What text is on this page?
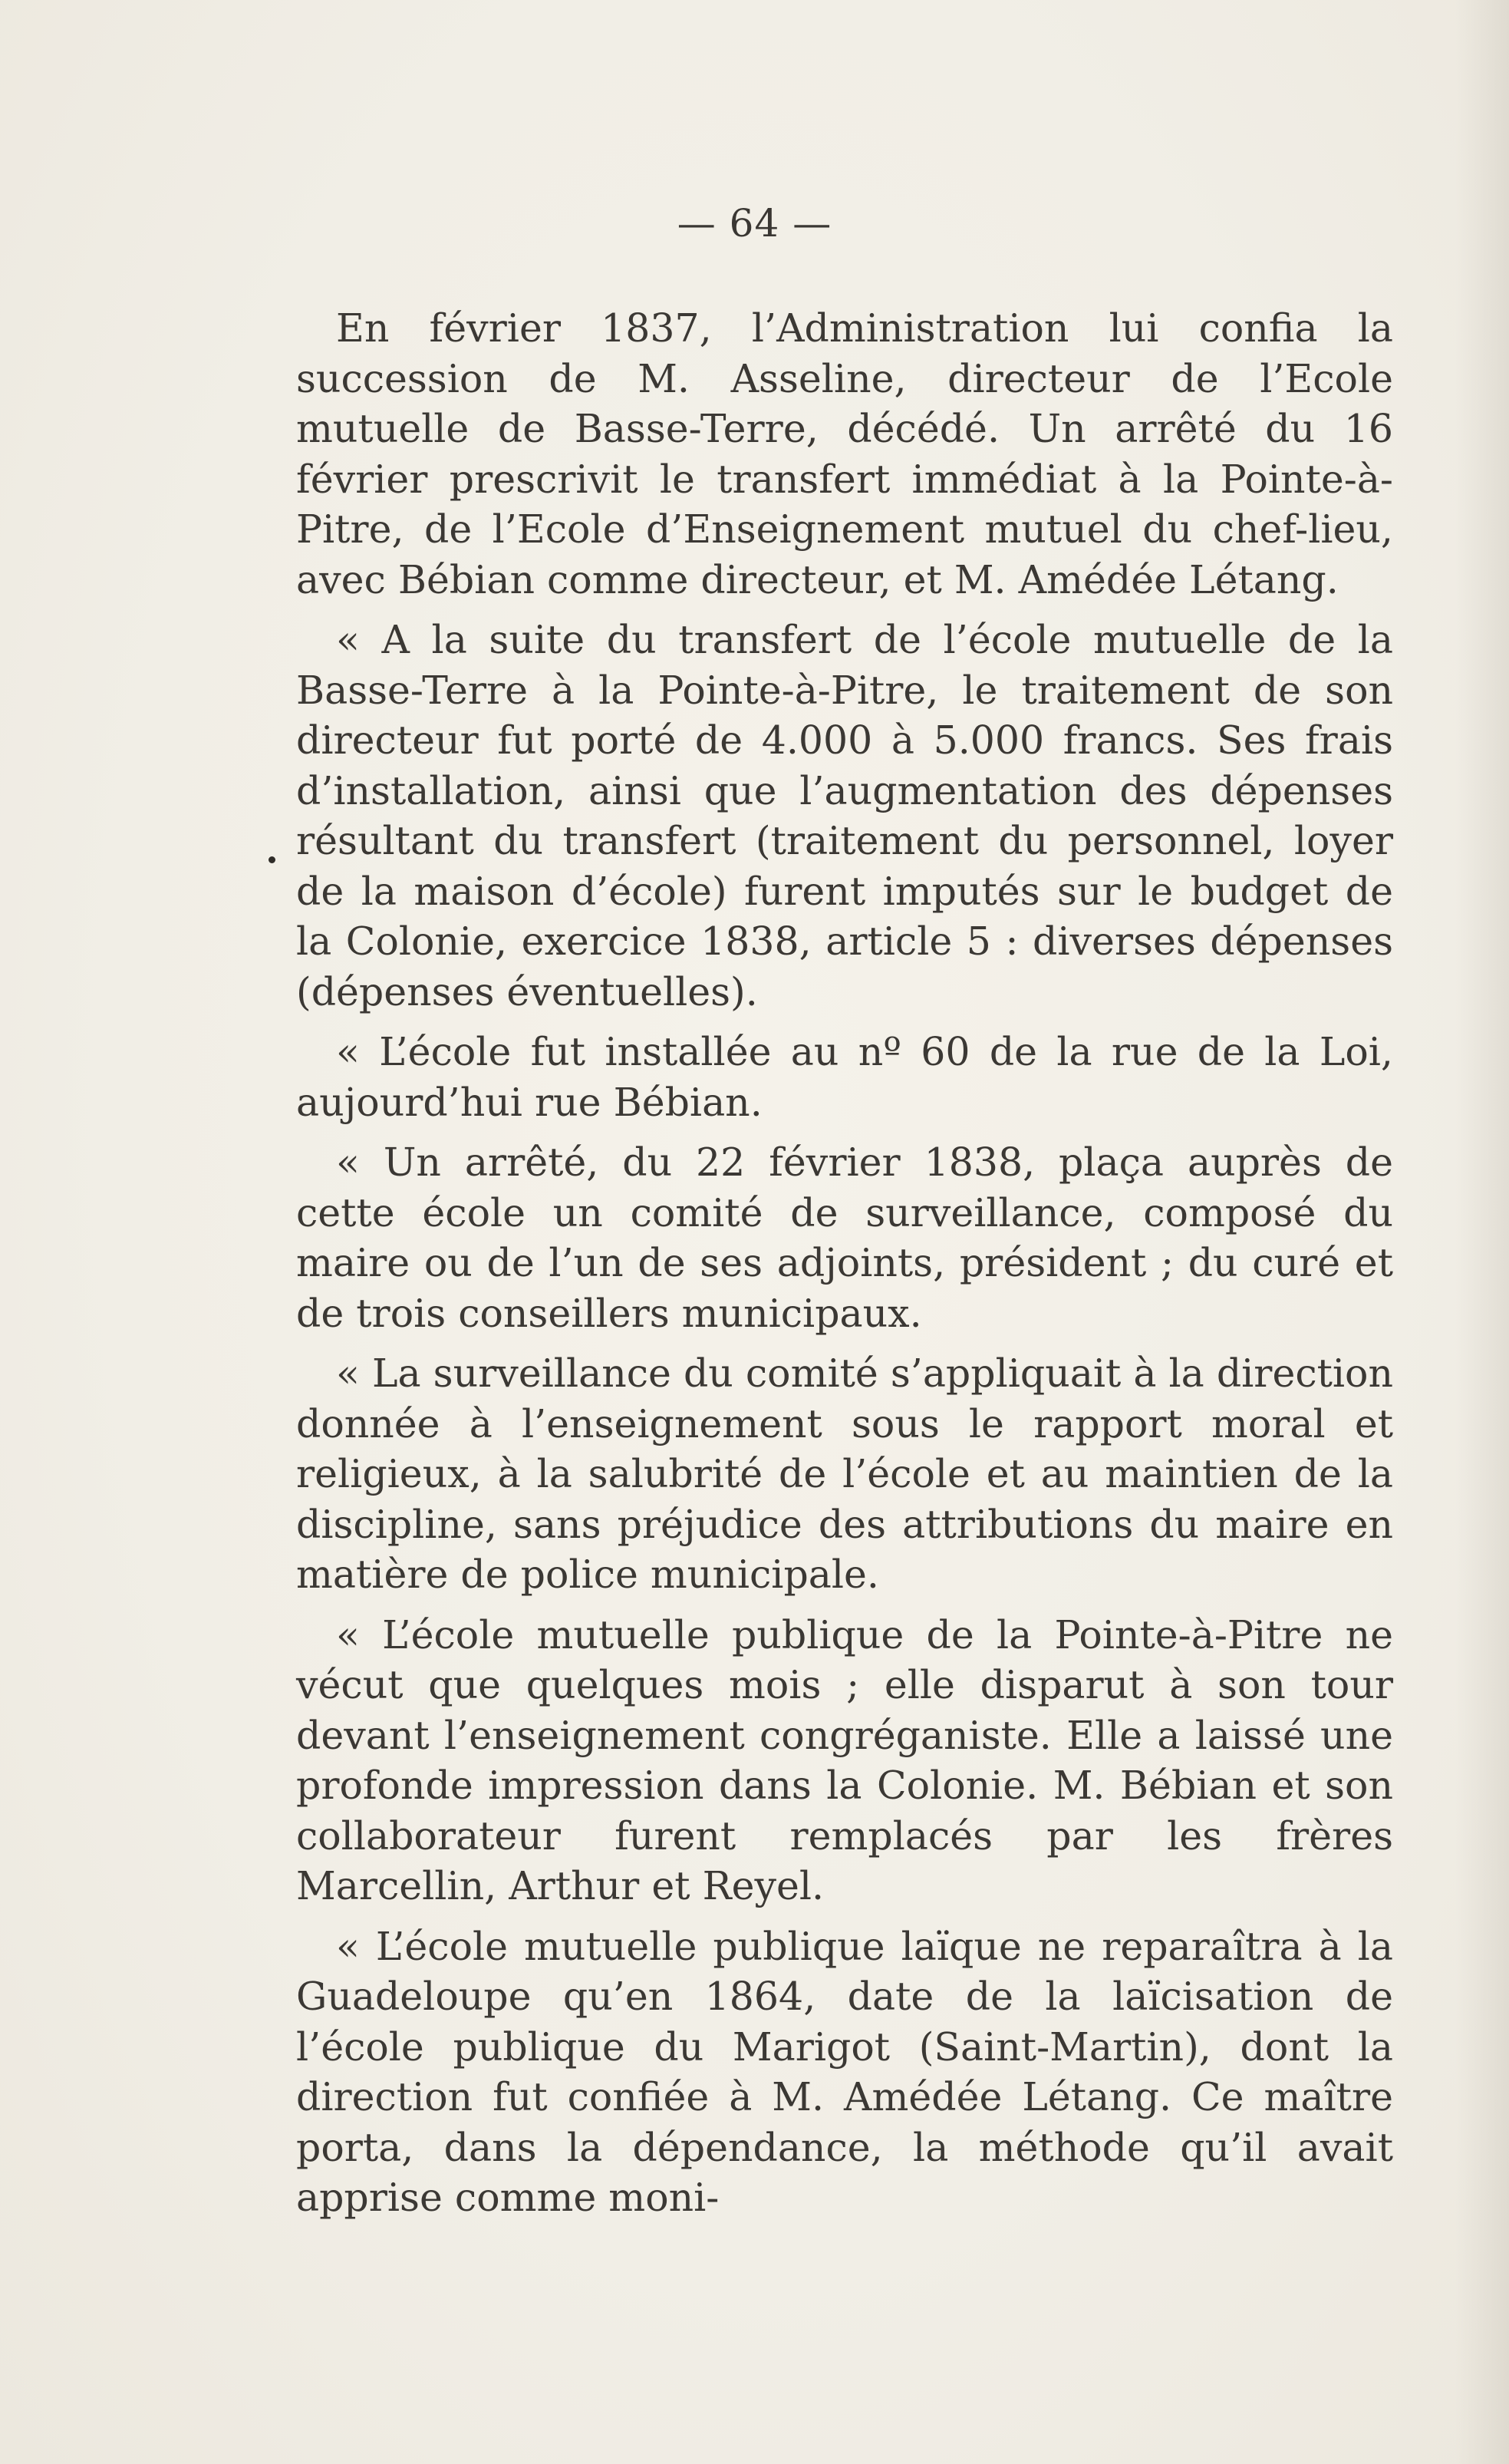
— 64 —

En février 1837, l’Administration lui confia la succession de M. Asseline, directeur de l’Ecole mutuelle de Basse-Terre, décédé. Un arrêté du 16 février prescrivit le transfert immédiat à la Pointe-à-Pitre, de l’Ecole d’Enseignement mutuel du chef-lieu, avec Bébian comme directeur, et M. Amédée Létang.

« A la suite du transfert de l’école mutuelle de la Basse-Terre à la Pointe-à-Pitre, le traitement de son directeur fut porté de 4.000 à 5.000 francs. Ses frais d’installation, ainsi que l’augmentation des dépenses résultant du transfert (traitement du personnel, loyer de la maison d’école) furent imputés sur le budget de la Colonie, exercice 1838, article 5 : diverses dépenses (dépenses éventuelles).

« L’école fut installée au nº 60 de la rue de la Loi, aujourd’hui rue Bébian.

« Un arrêté, du 22 février 1838, plaça auprès de cette école un comité de surveillance, composé du maire ou de l’un de ses adjoints, président ; du curé et de trois conseillers municipaux.

« La surveillance du comité s’appliquait à la direction donnée à l’enseignement sous le rapport moral et religieux, à la salubrité de l’école et au maintien de la discipline, sans préjudice des attributions du maire en matière de police municipale.

« L’école mutuelle publique de la Pointe-à-Pitre ne vécut que quelques mois ; elle disparut à son tour devant l’enseignement congréganiste. Elle a laissé une profonde impression dans la Colonie. M. Bébian et son collaborateur furent remplacés par les frères Marcellin, Arthur et Reyel.

« L’école mutuelle publique laïque ne reparaîtra à la Guadeloupe qu’en 1864, date de la laïcisation de l’école publique du Marigot (Saint-Martin), dont la direction fut confiée à M. Amédée Létang. Ce maître porta, dans la dépendance, la méthode qu’il avait apprise comme moni-
